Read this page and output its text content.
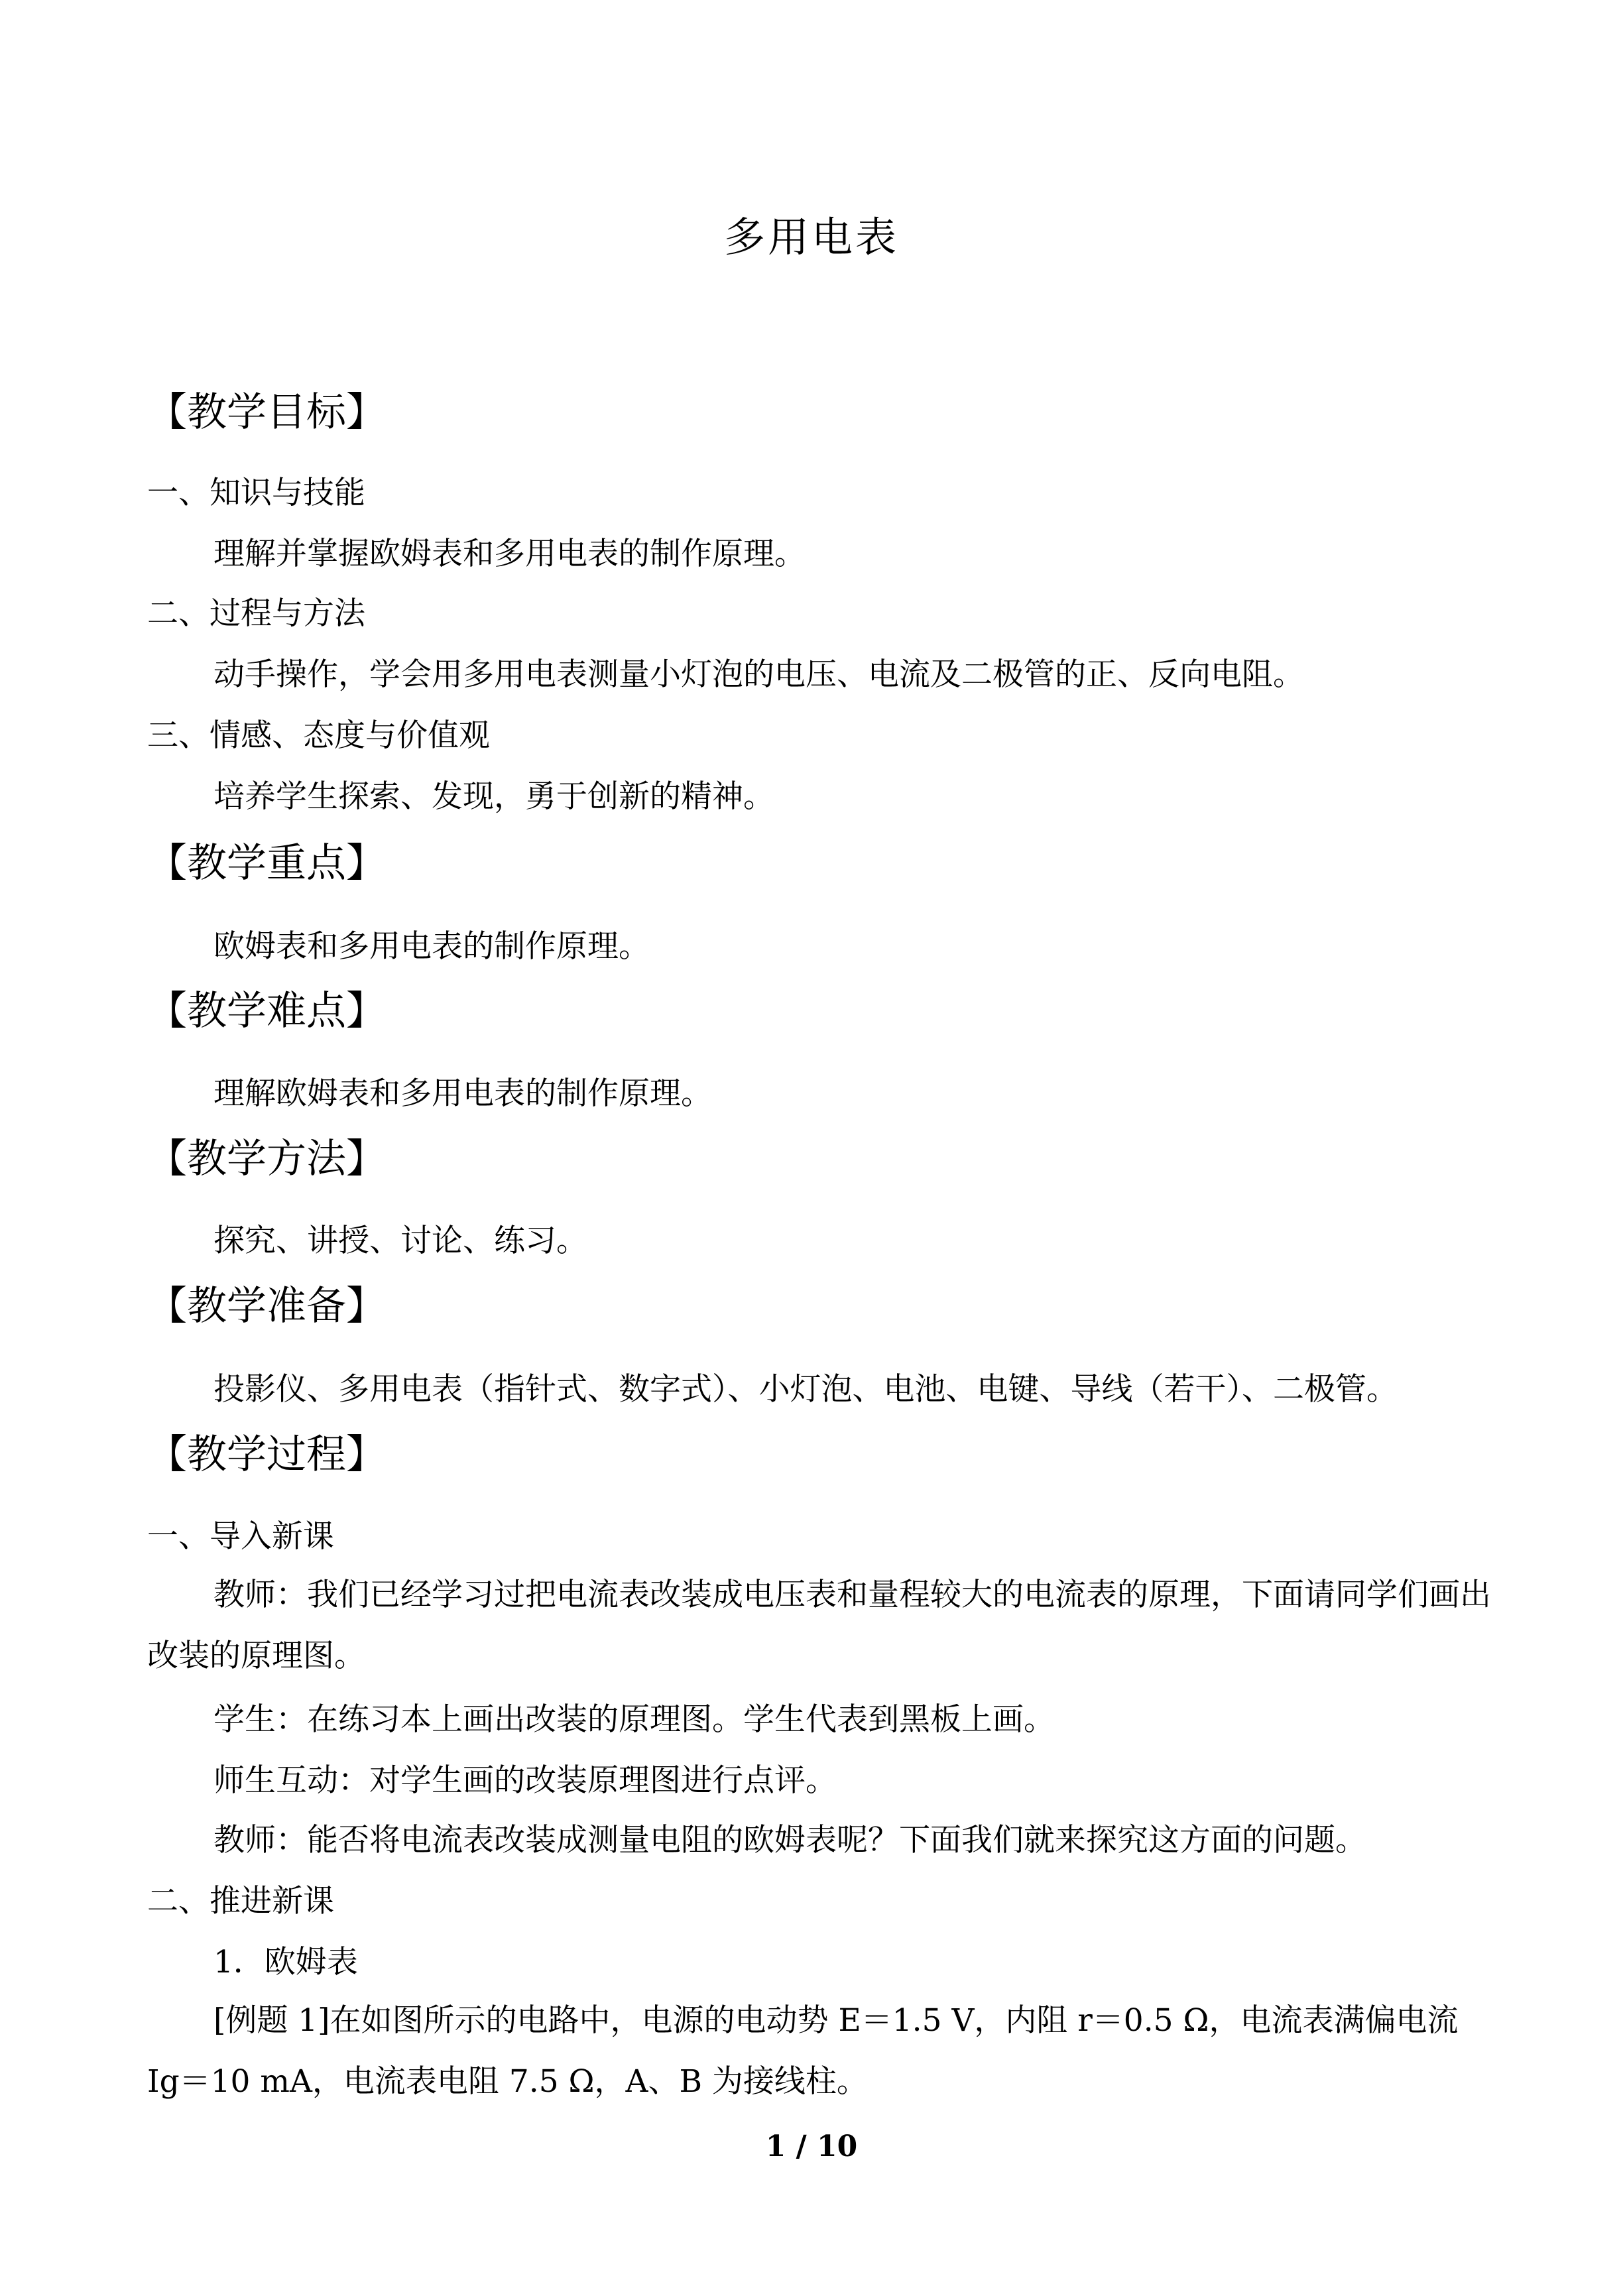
多用电表
【教学目标】
一、知识与技能
理解并掌握欧姆表和多用电表的制作原理。
二、过程与方法
动手操作，学会用多用电表测量小灯泡的电压、电流及二极管的正、反向电阻。
三、情感、态度与价值观
培养学生探索、发现，勇于创新的精神。
【教学重点】
欧姆表和多用电表的制作原理。
【教学难点】
理解欧姆表和多用电表的制作原理。
【教学方法】
探究、讲授、讨论、练习。
【教学准备】
投影仪、多用电表（指针式、数字式）、小灯泡、电池、电键、导线（若干）、二极管。
【教学过程】
一、导入新课
教师：我们已经学习过把电流表改装成电压表和量程较大的电流表的原理，下面请同学们画出改装的原理图。
学生：在练习本上画出改装的原理图。学生代表到黑板上画。
师生互动：对学生画的改装原理图进行点评。
教师：能否将电流表改装成测量电阻的欧姆表呢？下面我们就来探究这方面的问题。
二、推进新课
1．欧姆表
[例题 1]在如图所示的电路中，电源的电动势 E＝1.5 V，内阻 r＝0.5 Ω，电流表满偏电流 Ig＝10 mA，电流表电阻 7.5 Ω，A、B 为接线柱。
1 / 10
